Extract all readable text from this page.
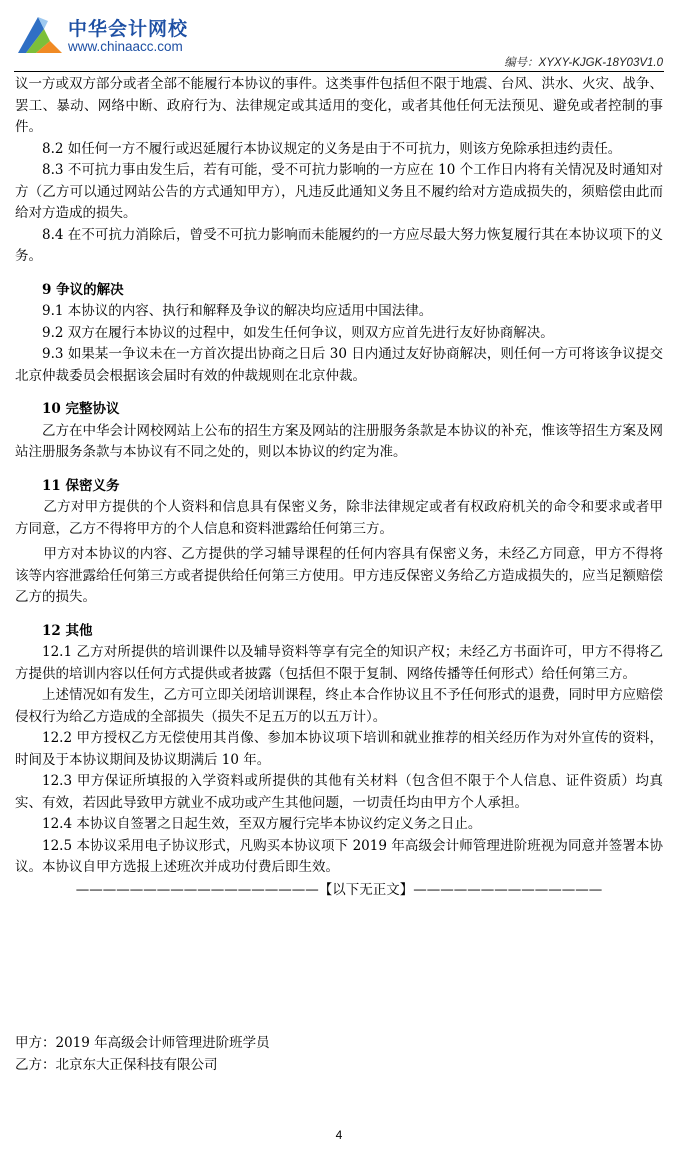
中华会计网校
www.chinaacc.com
编号：XYXY-KJGK-18Y03V1.0

议一方或双方部分或者全部不能履行本协议的事件。这类事件包括但不限于地震、台风、洪水、火灾、战争、罢工、暴动、网络中断、政府行为、法律规定或其适用的变化，或者其他任何无法预见、避免或者控制的事件。

8.2 如任何一方不履行或迟延履行本协议规定的义务是由于不可抗力，则该方免除承担违约责任。

8.3 不可抗力事由发生后，若有可能，受不可抗力影响的一方应在 10 个工作日内将有关情况及时通知对方（乙方可以通过网站公告的方式通知甲方），凡违反此通知义务且不履约给对方造成损失的，须赔偿由此而给对方造成的损失。

8.4 在不可抗力消除后，曾受不可抗力影响而未能履约的一方应尽最大努力恢复履行其在本协议项下的义务。

9 争议的解决

9.1 本协议的内容、执行和解释及争议的解决均应适用中国法律。

9.2 双方在履行本协议的过程中，如发生任何争议，则双方应首先进行友好协商解决。

9.3 如果某一争议未在一方首次提出协商之日后 30 日内通过友好协商解决，则任何一方可将该争议提交北京仲裁委员会根据该会届时有效的仲裁规则在北京仲裁。

10 完整协议

乙方在中华会计网校网站上公布的招生方案及网站的注册服务条款是本协议的补充，惟该等招生方案及网站注册服务条款与本协议有不同之处的，则以本协议的约定为准。

11 保密义务

乙方对甲方提供的个人资料和信息具有保密义务，除非法律规定或者有权政府机关的命令和要求或者甲方同意，乙方不得将甲方的个人信息和资料泄露给任何第三方。

甲方对本协议的内容、乙方提供的学习辅导课程的任何内容具有保密义务，未经乙方同意，甲方不得将该等内容泄露给任何第三方或者提供给任何第三方使用。甲方违反保密义务给乙方造成损失的，应当足额赔偿乙方的损失。

12 其他

12.1 乙方对所提供的培训课件以及辅导资料等享有完全的知识产权；未经乙方书面许可，甲方不得将乙方提供的培训内容以任何方式提供或者披露（包括但不限于复制、网络传播等任何形式）给任何第三方。

上述情况如有发生，乙方可立即关闭培训课程，终止本合作协议且不予任何形式的退费，同时甲方应赔偿侵权行为给乙方造成的全部损失（损失不足五万的以五万计）。

12.2 甲方授权乙方无偿使用其肖像、参加本协议项下培训和就业推荐的相关经历作为对外宣传的资料，时间及于本协议期间及协议期满后 10 年。

12.3 甲方保证所填报的入学资料或所提供的其他有关材料（包含但不限于个人信息、证件资质）均真实、有效，若因此导致甲方就业不成功或产生其他问题，一切责任均由甲方个人承担。

12.4 本协议自签署之日起生效，至双方履行完毕本协议约定义务之日止。

12.5 本协议采用电子协议形式，凡购买本协议项下 2019 年高级会计师管理进阶班视为同意并签署本协议。本协议自甲方选报上述班次并成功付费后即生效。

——————————————————【以下无正文】——————————————

甲方：2019 年高级会计师管理进阶班学员
乙方：北京东大正保科技有限公司
4
